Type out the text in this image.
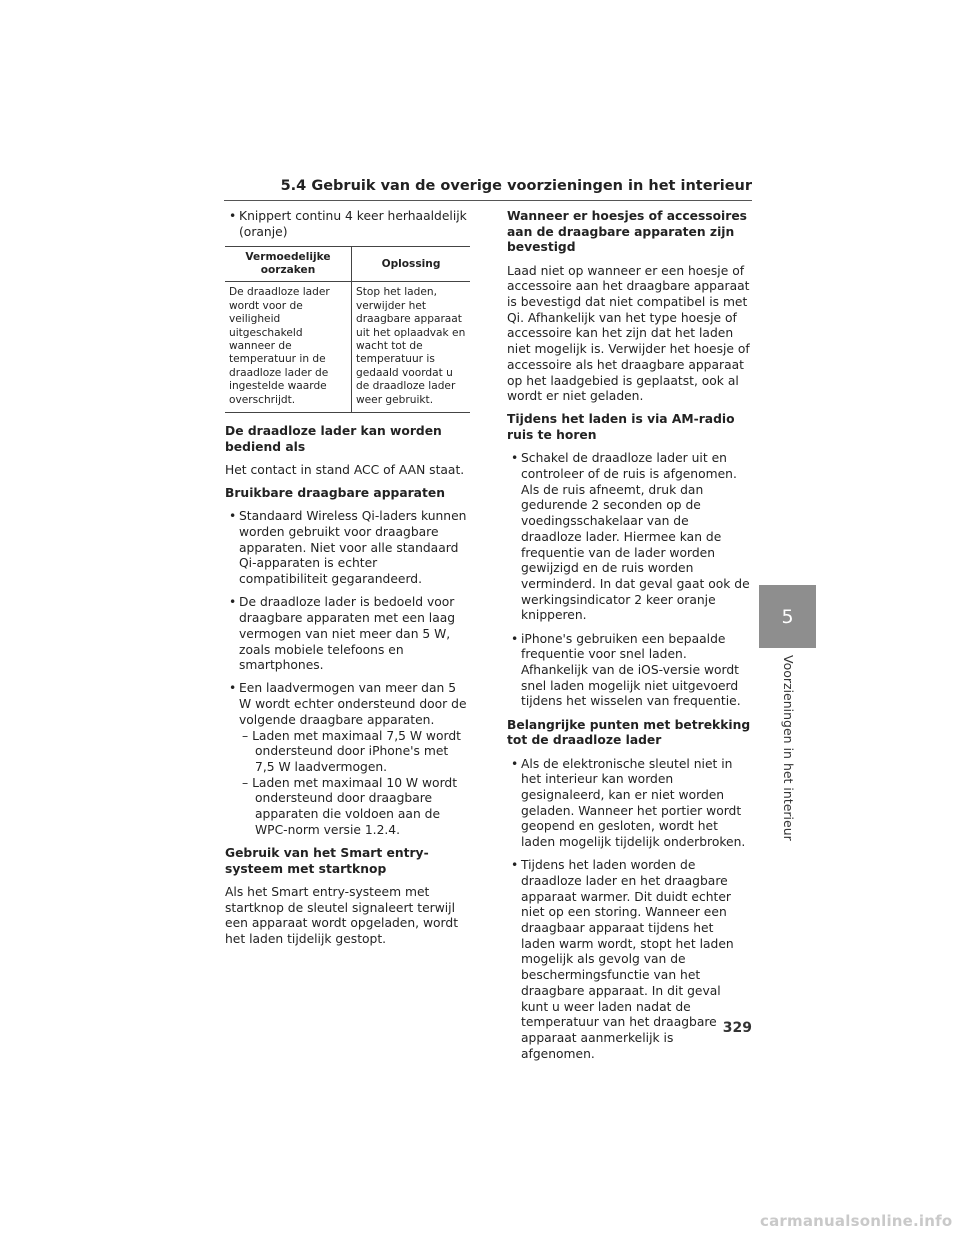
5.4 Gebruik van de overige voorzieningen in het interieur
5
Voorzieningen in het interieur
• Knippert continu 4 keer herhaaldelijk (oranje)
Vermoedelijke oorzaken	Oplossing
De draadloze lader wordt voor de veiligheid uitgeschakeld wanneer de temperatuur in de draadloze lader de ingestelde waarde overschrijdt.	Stop het laden, verwijder het draagbare apparaat uit het oplaadvak en wacht tot de temperatuur is gedaald voordat u de draadloze lader weer gebruikt.
De draadloze lader kan worden bediend als
Het contact in stand ACC of AAN staat.
Bruikbare draagbare apparaten
• Standaard Wireless Qi-laders kunnen worden gebruikt voor draagbare apparaten. Niet voor alle standaard Qi-apparaten is echter compatibiliteit gegarandeerd.
• De draadloze lader is bedoeld voor draagbare apparaten met een laag vermogen van niet meer dan 5 W, zoals mobiele telefoons en smartphones.
• Een laadvermogen van meer dan 5 W wordt echter ondersteund door de volgende draagbare apparaten.
– Laden met maximaal 7,5 W wordt ondersteund door iPhone's met 7,5 W laadvermogen.
– Laden met maximaal 10 W wordt ondersteund door draagbare apparaten die voldoen aan de WPC-norm versie 1.2.4.
Gebruik van het Smart entry-systeem met startknop
Als het Smart entry-systeem met startknop de sleutel signaleert terwijl een apparaat wordt opgeladen, wordt het laden tijdelijk gestopt.
Wanneer er hoesjes of accessoires aan de draagbare apparaten zijn bevestigd
Laad niet op wanneer er een hoesje of accessoire aan het draagbare apparaat is bevestigd dat niet compatibel is met Qi. Afhankelijk van het type hoesje of accessoire kan het zijn dat het laden niet mogelijk is. Verwijder het hoesje of accessoire als het draagbare apparaat op het laadgebied is geplaatst, ook al wordt er niet geladen.
Tijdens het laden is via AM-radio ruis te horen
• Schakel de draadloze lader uit en controleer of de ruis is afgenomen. Als de ruis afneemt, druk dan gedurende 2 seconden op de voedingsschakelaar van de draadloze lader. Hiermee kan de frequentie van de lader worden gewijzigd en de ruis worden verminderd. In dat geval gaat ook de werkingsindicator 2 keer oranje knipperen.
• iPhone's gebruiken een bepaalde frequentie voor snel laden. Afhankelijk van de iOS-versie wordt snel laden mogelijk niet uitgevoerd tijdens het wisselen van frequentie.
Belangrijke punten met betrekking tot de draadloze lader
• Als de elektronische sleutel niet in het interieur kan worden gesignaleerd, kan er niet worden geladen. Wanneer het portier wordt geopend en gesloten, wordt het laden mogelijk tijdelijk onderbroken.
• Tijdens het laden worden de draadloze lader en het draagbare apparaat warmer. Dit duidt echter niet op een storing. Wanneer een draagbaar apparaat tijdens het laden warm wordt, stopt het laden mogelijk als gevolg van de beschermingsfunctie van het draagbare apparaat. In dit geval kunt u weer laden nadat de temperatuur van het draagbare apparaat aanmerkelijk is afgenomen.
329
carmanualsonline.info
